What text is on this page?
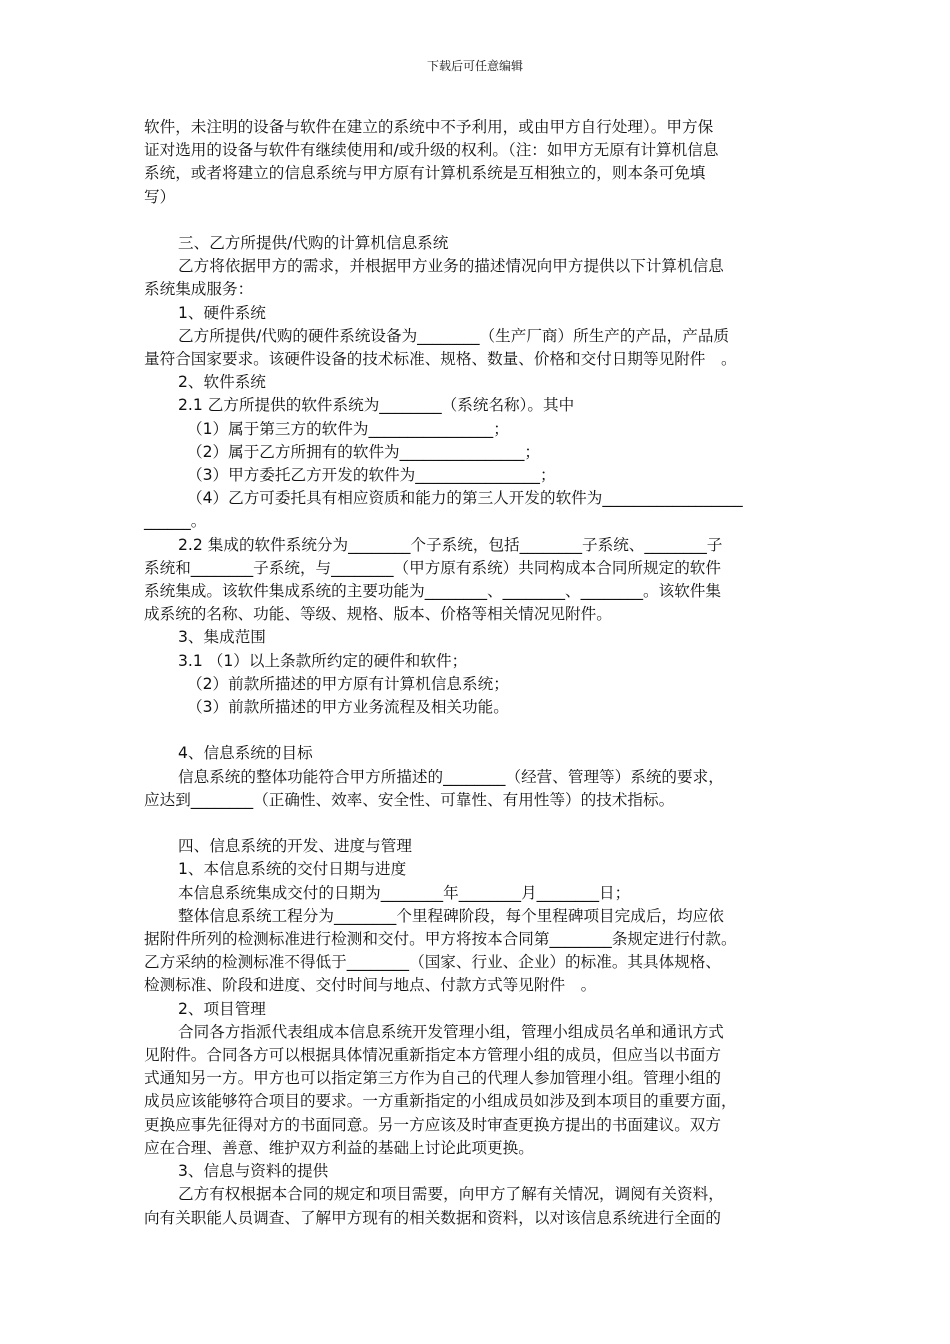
下载后可任意编辑

软件，未注明的设备与软件在建立的系统中不予利用，或由甲方自行处理）。甲方保

证对选用的设备与软件有继续使用和/或升级的权利。（注：如甲方无原有计算机信息

系统，或者将建立的信息系统与甲方原有计算机系统是互相独立的，则本条可免填

写）

三、乙方所提供/代购的计算机信息系统

乙方将依据甲方的需求，并根据甲方业务的描述情况向甲方提供以下计算机信息

系统集成服务：

1、硬件系统

乙方所提供/代购的硬件系统设备为________（生产厂商）所生产的产品，产品质

量符合国家要求。该硬件设备的技术标准、规格、数量、价格和交付日期等见附件　。

2、软件系统

2.1 乙方所提供的软件系统为________（系统名称）。其中

（1）属于第三方的软件为________________；

（2）属于乙方所拥有的软件为________________；

（3）甲方委托乙方开发的软件为________________；

（4）乙方可委托具有相应资质和能力的第三人开发的软件为__________________

______。

2.2 集成的软件系统分为________个子系统，包括________子系统、________子

系统和________子系统，与________（甲方原有系统）共同构成本合同所规定的软件

系统集成。该软件集成系统的主要功能为________、________、________。该软件集

成系统的名称、功能、等级、规格、版本、价格等相关情况见附件。

3、集成范围

3.1 （1）以上条款所约定的硬件和软件；

（2）前款所描述的甲方原有计算机信息系统；

（3）前款所描述的甲方业务流程及相关功能。

4、信息系统的目标

信息系统的整体功能符合甲方所描述的________（经营、管理等）系统的要求，

应达到________（正确性、效率、安全性、可靠性、有用性等）的技术指标。

四、信息系统的开发、进度与管理

1、本信息系统的交付日期与进度

本信息系统集成交付的日期为________年________月________日；

整体信息系统工程分为________个里程碑阶段，每个里程碑项目完成后，均应依

据附件所列的检测标准进行检测和交付。甲方将按本合同第________条规定进行付款。

乙方采纳的检测标准不得低于________（国家、行业、企业）的标准。其具体规格、

检测标准、阶段和进度、交付时间与地点、付款方式等见附件　。

2、项目管理

合同各方指派代表组成本信息系统开发管理小组，管理小组成员名单和通讯方式

见附件。合同各方可以根据具体情况重新指定本方管理小组的成员，但应当以书面方

式通知另一方。甲方也可以指定第三方作为自己的代理人参加管理小组。管理小组的

成员应该能够符合项目的要求。一方重新指定的小组成员如涉及到本项目的重要方面，

更换应事先征得对方的书面同意。另一方应该及时审查更换方提出的书面建议。双方

应在合理、善意、维护双方利益的基础上讨论此项更换。

3、信息与资料的提供

乙方有权根据本合同的规定和项目需要，向甲方了解有关情况，调阅有关资料，

向有关职能人员调查、了解甲方现有的相关数据和资料，以对该信息系统进行全面的
